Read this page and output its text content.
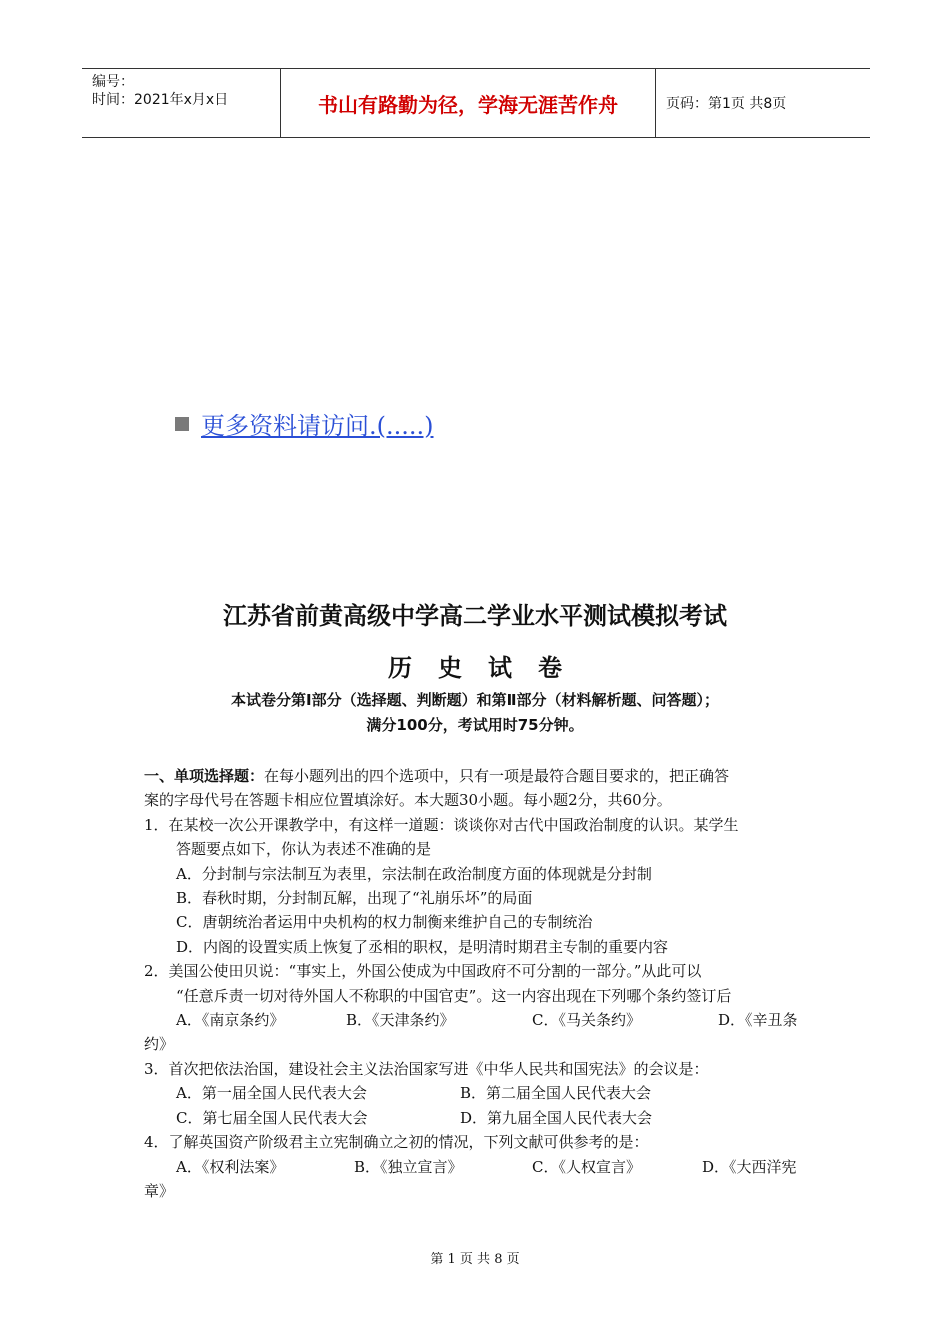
编号：
时间：2021年x月x日	书山有路勤为径，学海无涯苦作舟	页码：第1页 共8页
更多资料请访问.(.....)
江苏省前黄高级中学高二学业水平测试模拟考试
历史试卷
本试卷分第Ⅰ部分（选择题、判断题）和第Ⅱ部分（材料解析题、问答题）；
满分100分，考试用时75分钟。
一、单项选择题：在每小题列出的四个选项中，只有一项是最符合题目要求的，把正确答
案的字母代号在答题卡相应位置填涂好。本大题30小题。每小题2分，共60分。
1．在某校一次公开课教学中，有这样一道题：谈谈你对古代中国政治制度的认识。某学生
答题要点如下，你认为表述不准确的是
A．分封制与宗法制互为表里，宗法制在政治制度方面的体现就是分封制
B．春秋时期，分封制瓦解，出现了“礼崩乐坏”的局面
C．唐朝统治者运用中央机构的权力制衡来维护自己的专制统治
D．内阁的设置实质上恢复了丞相的职权，是明清时期君主专制的重要内容
2．美国公使田贝说：“事实上，外国公使成为中国政府不可分割的一部分。”从此可以
“任意斥责一切对待外国人不称职的中国官吏”。这一内容出现在下列哪个条约签订后
A．《南京条约》	B．《天津条约》	C．《马关条约》	D．《辛丑条
约》
3．首次把依法治国，建设社会主义法治国家写进《中华人民共和国宪法》的会议是：
A．第一届全国人民代表大会	B．第二届全国人民代表大会
C．第七届全国人民代表大会	D．第九届全国人民代表大会
4．了解英国资产阶级君主立宪制确立之初的情况，下列文献可供参考的是：
A．《权利法案》	B．《独立宣言》	C．《人权宣言》	D．《大西洋宪
章》
第 1 页 共 8 页
